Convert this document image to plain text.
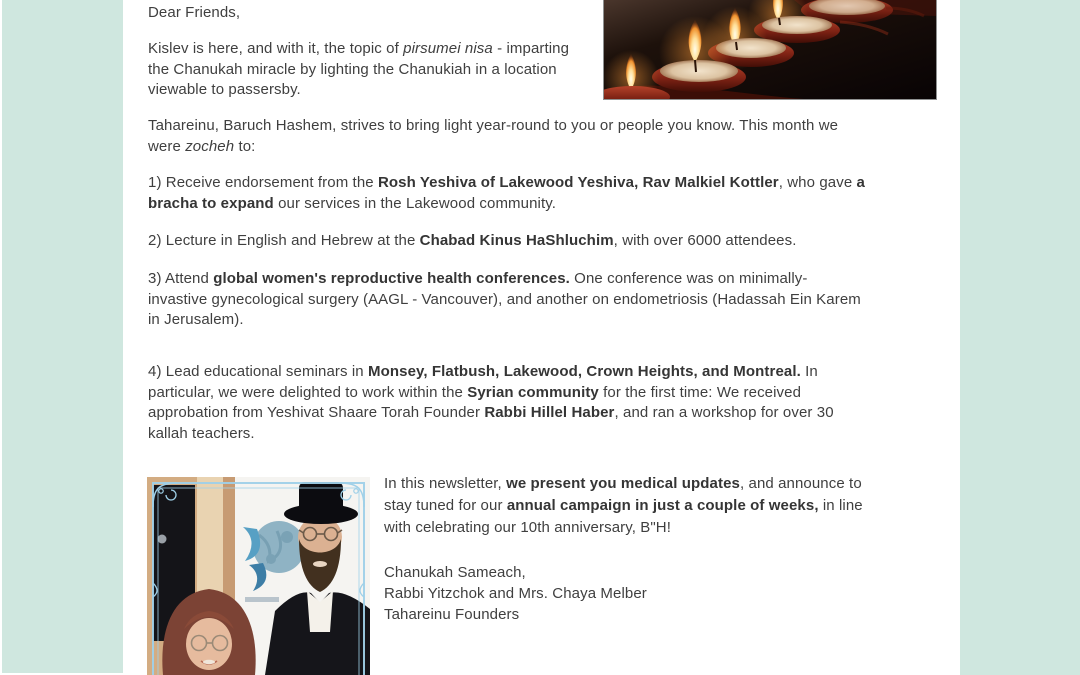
Dear Friends,

Kislev is here, and with it, the topic of pirsumei nisa - imparting the Chanukah miracle by lighting the Chanukiah in a location viewable to passersby.

Tahareinu, Baruch Hashem, strives to bring light year-round to you or people you know. This month we were zocheh to:

1) Receive endorsement from the Rosh Yeshiva of Lakewood Yeshiva, Rav Malkiel Kottler, who gave a bracha to expand our services in the Lakewood community.

2) Lecture in English and Hebrew at the Chabad Kinus HaShluchim, with over 6000 attendees.

3) Attend global women's reproductive health conferences. One conference was on minimally-invastive gynecological surgery (AAGL - Vancouver), and another on endometriosis (Hadassah Ein Karem in Jerusalem).

4) Lead educational seminars in Monsey, Flatbush, Lakewood, Crown Heights, and Montreal. In particular, we were delighted to work within the Syrian community for the first time: We received approbation from Yeshivat Shaare Torah Founder Rabbi Hillel Haber, and ran a workshop for over 30 kallah teachers.

In this newsletter, we present you medical updates, and announce to stay tuned for our annual campaign in just a couple of weeks, in line with celebrating our 10th anniversary, B"H!

Chanukah Sameach,

Rabbi Yitzchok and Mrs. Chaya Melber

Tahareinu Founders
